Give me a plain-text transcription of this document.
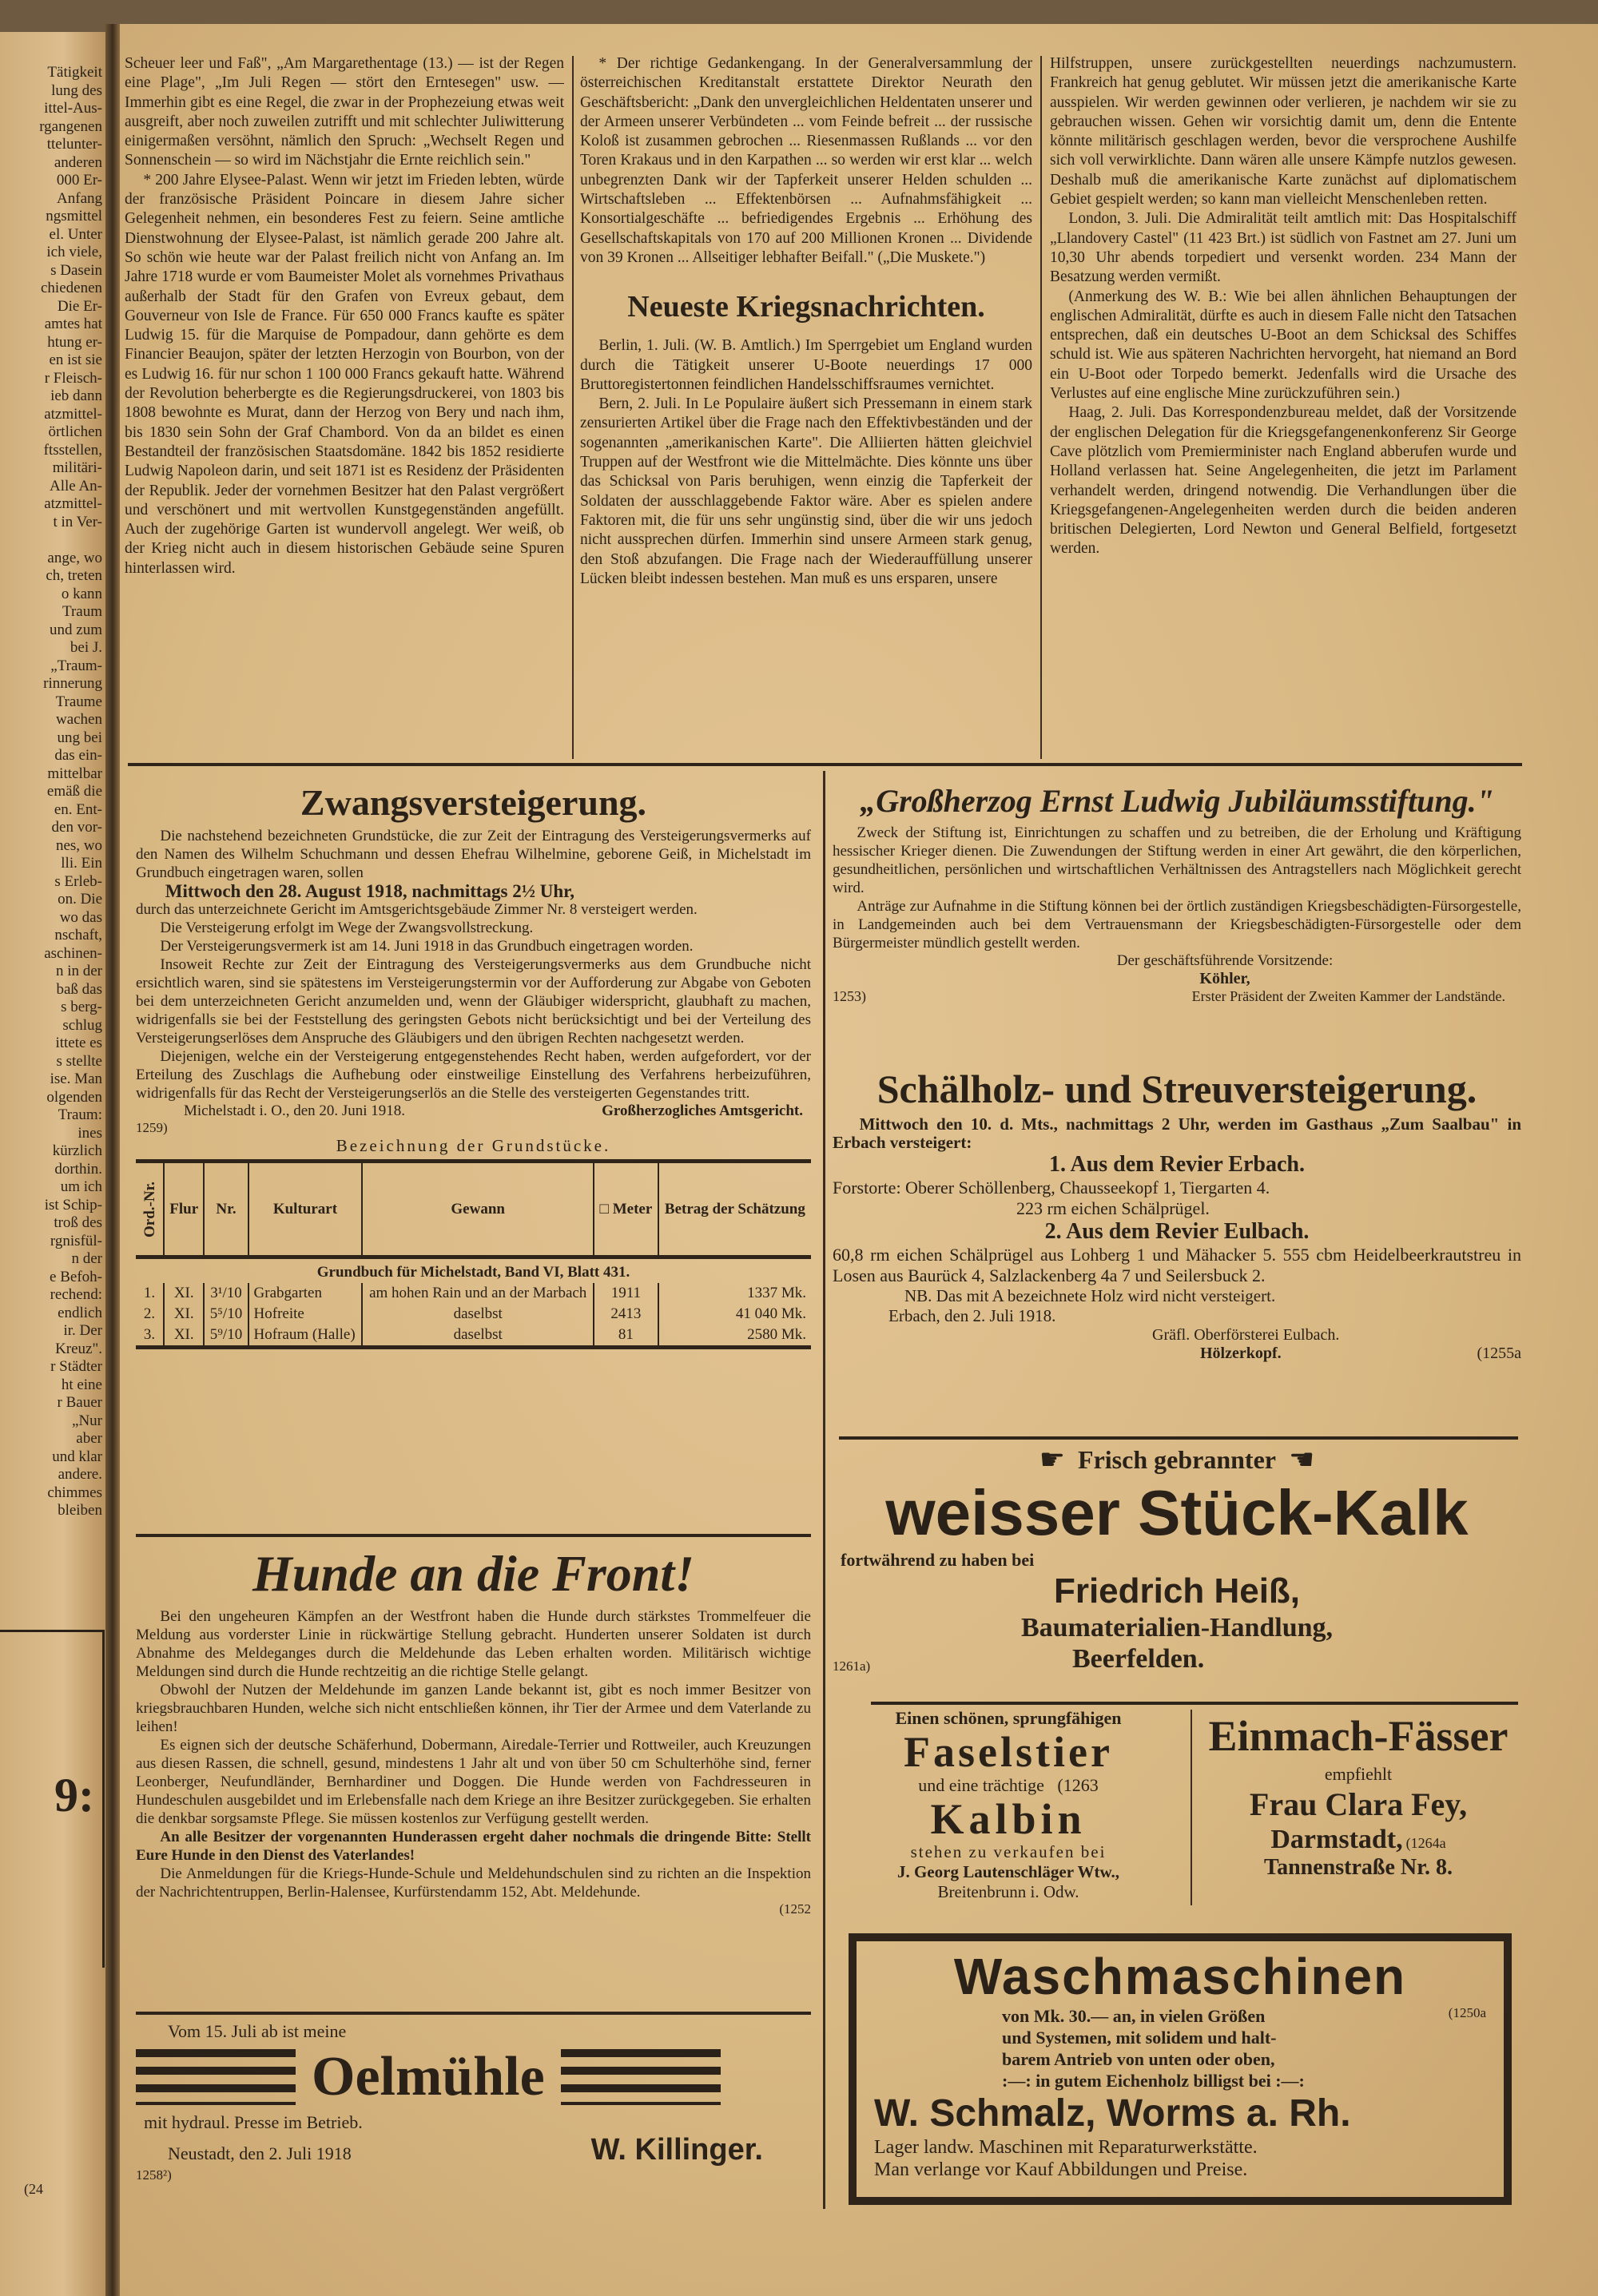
Tätigkeit
lung des
ittel-Aus-
rgangenen
ttelunter-
anderen
000 Er-
Anfang
ngsmittel
el. Unter
ich viele,
s Dasein
chiedenen
Die Er-
amtes hat
htung er-
en ist sie
r Fleisch-
ieb dann
atzmittel-
örtlichen
ftsstellen,
militäri-
Alle An-
atzmittel-
t in Ver-
ange, wo
ch, treten
o kann
Traum
und zum
bei J.
„Traum-
rinnerung
Traume
wachen
ung bei
das ein-
mittelbar
emäß die
en. Ent-
den vor-
nes, wo
lli. Ein
s Erleb-
on. Die
wo das
nschaft,
aschinen-
n in der
baß das
s berg-
schlug
ittete es
s stellte
ise. Man
olgenden
Traum:
ines
kürzlich
dorthin.
um ich
ist Schip-
troß des
rgnisfül-
n der
e Befoh-
rechend:
endlich
ir. Der
Kreuz".
r Städter
ht eine
r Bauer
„Nur
aber
und klar
andere.
chimmes
bleiben
9:
(24

Scheuer leer und Faß", „Am Margarethentage (13.) — ist der Regen eine Plage", „Im Juli Regen — stört den Erntesegen" usw. — Immerhin gibt es eine Regel, die zwar in der Prophezeiung etwas weit ausgreift, aber noch zuweilen zutrifft und mit schlechter Juliwitterung einigermaßen versöhnt, nämlich den Spruch: „Wechselt Regen und Sonnenschein — so wird im Nächstjahr die Ernte reichlich sein."

* 200 Jahre Elysee-Palast. Wenn wir jetzt im Frieden lebten, würde der französische Präsident Poincare in diesem Jahre sicher Gelegenheit nehmen, ein besonderes Fest zu feiern. Seine amtliche Dienstwohnung der Elysee-Palast, ist nämlich gerade 200 Jahre alt. So schön wie heute war der Palast freilich nicht von Anfang an. Im Jahre 1718 wurde er vom Baumeister Molet als vornehmes Privathaus außerhalb der Stadt für den Grafen von Evreux gebaut, dem Gouverneur von Isle de France. Für 650 000 Francs kaufte es später Ludwig 15. für die Marquise de Pompadour, dann gehörte es dem Financier Beaujon, später der letzten Herzogin von Bourbon, von der es Ludwig 16. für nur schon 1 100 000 Francs gekauft hatte. Während der Revolution beherbergte es die Regierungsdruckerei, von 1803 bis 1808 bewohnte es Murat, dann der Herzog von Bery und nach ihm, bis 1830 sein Sohn der Graf Chambord. Von da an bildet es einen Bestandteil der französischen Staatsdomäne. 1842 bis 1852 residierte Ludwig Napoleon darin, und seit 1871 ist es Residenz der Präsidenten der Republik. Jeder der vornehmen Besitzer hat den Palast vergrößert und verschönert und mit wertvollen Kunstgegenständen angefüllt. Auch der zugehörige Garten ist wundervoll angelegt. Wer weiß, ob der Krieg nicht auch in diesem historischen Gebäude seine Spuren hinterlassen wird.

* Der richtige Gedankengang. In der Generalversammlung der österreichischen Kreditanstalt erstattete Direktor Neurath den Geschäftsbericht: „Dank den unvergleichlichen Heldentaten unserer und der Armeen unserer Verbündeten ... vom Feinde befreit ... der russische Koloß ist zusammen gebrochen ... Riesenmassen Rußlands ... vor den Toren Krakaus und in den Karpathen ... so werden wir erst klar ... welch unbegrenzten Dank wir der Tapferkeit unserer Helden schulden ... Wirtschaftsleben ... Effektenbörsen ... Aufnahmsfähigkeit ... Konsortialgeschäfte ... befriedigendes Ergebnis ... Erhöhung des Gesellschaftskapitals von 170 auf 200 Millionen Kronen ... Dividende von 39 Kronen ... Allseitiger lebhafter Beifall." („Die Muskete.")

Neueste Kriegsnachrichten.

Berlin, 1. Juli. (W. B. Amtlich.) Im Sperrgebiet um England wurden durch die Tätigkeit unserer U-Boote neuerdings 17 000 Bruttoregistertonnen feindlichen Handelsschiffsraumes vernichtet.

Bern, 2. Juli. In Le Populaire äußert sich Pressemann in einem stark zensurierten Artikel über die Frage nach den Effektivbeständen und der sogenannten „amerikanischen Karte". Die Alliierten hätten gleichviel Truppen auf der Westfront wie die Mittelmächte. Dies könnte uns über das Schicksal von Paris beruhigen, wenn einzig die Tapferkeit der Soldaten der ausschlaggebende Faktor wäre. Aber es spielen andere Faktoren mit, die für uns sehr ungünstig sind, über die wir uns jedoch nicht aussprechen dürfen. Immerhin sind unsere Armeen stark genug, den Stoß abzufangen. Die Frage nach der Wiederauffüllung unserer Lücken bleibt indessen bestehen. Man muß es uns ersparen, unsere

Hilfstruppen, unsere zurückgestellten neuerdings nachzumustern. Frankreich hat genug geblutet. Wir müssen jetzt die amerikanische Karte ausspielen. Wir werden gewinnen oder verlieren, je nachdem wir sie zu gebrauchen wissen. Gehen wir vorsichtig damit um, denn die Entente könnte militärisch geschlagen werden, bevor die versprochene Aushilfe sich voll verwirklichte. Dann wären alle unsere Kämpfe nutzlos gewesen. Deshalb muß die amerikanische Karte zunächst auf diplomatischem Gebiet gespielt werden; so kann man vielleicht Menschenleben retten.

London, 3. Juli. Die Admiralität teilt amtlich mit: Das Hospitalschiff „Llandovery Castel" (11 423 Brt.) ist südlich von Fastnet am 27. Juni um 10,30 Uhr abends torpediert und versenkt worden. 234 Mann der Besatzung werden vermißt.

(Anmerkung des W. B.: Wie bei allen ähnlichen Behauptungen der englischen Admiralität, dürfte es auch in diesem Falle nicht den Tatsachen entsprechen, daß ein deutsches U-Boot an dem Schicksal des Schiffes schuld ist. Wie aus späteren Nachrichten hervorgeht, hat niemand an Bord ein U-Boot oder Torpedo bemerkt. Jedenfalls wird die Ursache des Verlustes auf eine englische Mine zurückzuführen sein.)

Haag, 2. Juli. Das Korrespondenzbureau meldet, daß der Vorsitzende der englischen Delegation für die Kriegsgefangenenkonferenz Sir George Cave plötzlich vom Premierminister nach England abberufen wurde und Holland verlassen hat. Seine Angelegenheiten, die jetzt im Parlament verhandelt werden, dringend notwendig. Die Verhandlungen über die Kriegsgefangenen-Angelegenheiten werden durch die beiden anderen britischen Delegierten, Lord Newton und General Belfield, fortgesetzt werden.

Zwangsversteigerung.

Die nachstehend bezeichneten Grundstücke, die zur Zeit der Eintragung des Versteigerungsvermerks auf den Namen des Wilhelm Schuchmann und dessen Ehefrau Wilhelmine, geborene Geiß, in Michelstadt im Grundbuch eingetragen waren, sollen

Mittwoch den 28. August 1918, nachmittags 2½ Uhr,

durch das unterzeichnete Gericht im Amtsgerichtsgebäude Zimmer Nr. 8 versteigert werden.

Die Versteigerung erfolgt im Wege der Zwangsvollstreckung.

Der Versteigerungsvermerk ist am 14. Juni 1918 in das Grundbuch eingetragen worden.

Insoweit Rechte zur Zeit der Eintragung des Versteigerungsvermerks aus dem Grundbuche nicht ersichtlich waren, sind sie spätestens im Versteigerungstermin vor der Aufforderung zur Abgabe von Geboten bei dem unterzeichneten Gericht anzumelden und, wenn der Gläubiger widerspricht, glaubhaft zu machen, widrigenfalls sie bei der Feststellung des geringsten Gebots nicht berücksichtigt und bei der Verteilung des Versteigerungserlöses dem Anspruche des Gläubigers und den übrigen Rechten nachgesetzt werden.

Diejenigen, welche ein der Versteigerung entgegenstehendes Recht haben, werden aufgefordert, vor der Erteilung des Zuschlags die Aufhebung oder einstweilige Einstellung des Verfahrens herbeizuführen, widrigenfalls für das Recht der Versteigerungserlös an die Stelle des versteigerten Gegenstandes tritt.

Michelstadt i. O., den 20. Juni 1918.	Großherzogliches Amtsgericht.
1259)
Bezeichnung der Grundstücke.
Ord.-Nr.	Flur	Nr.	Kulturart	Gewann	□ Meter	Betrag der Schätzung
Grundbuch für Michelstadt, Band VI, Blatt 431.						
1.	XI.	3¹/10	Grabgarten	am hohen Rain und an der Marbach	1911	1337 Mk.
2.	XI.	5⁵/10	Hofreite	daselbst	2413	41 040 Mk.
3.	XI.	5⁹/10	Hofraum (Halle)	daselbst	81	2580 Mk.
Hunde an die Front!

Bei den ungeheuren Kämpfen an der Westfront haben die Hunde durch stärkstes Trommelfeuer die Meldung aus vorderster Linie in rückwärtige Stellung gebracht. Hunderten unserer Soldaten ist durch Abnahme des Meldeganges durch die Meldehunde das Leben erhalten worden. Militärisch wichtige Meldungen sind durch die Hunde rechtzeitig an die richtige Stelle gelangt.

Obwohl der Nutzen der Meldehunde im ganzen Lande bekannt ist, gibt es noch immer Besitzer von kriegsbrauchbaren Hunden, welche sich nicht entschließen können, ihr Tier der Armee und dem Vaterlande zu leihen!

Es eignen sich der deutsche Schäferhund, Dobermann, Airedale-Terrier und Rottweiler, auch Kreuzungen aus diesen Rassen, die schnell, gesund, mindestens 1 Jahr alt und von über 50 cm Schulterhöhe sind, ferner Leonberger, Neufundländer, Bernhardiner und Doggen. Die Hunde werden von Fachdresseuren in Hundeschulen ausgebildet und im Erlebensfalle nach dem Kriege an ihre Besitzer zurückgegeben. Sie erhalten die denkbar sorgsamste Pflege. Sie müssen kostenlos zur Verfügung gestellt werden.

An alle Besitzer der vorgenannten Hunderassen ergeht daher nochmals die dringende Bitte: Stellt Eure Hunde in den Dienst des Vaterlandes!

Die Anmeldungen für die Kriegs-Hunde-Schule und Meldehundschulen sind zu richten an die Inspektion der Nachrichtentruppen, Berlin-Halensee, Kurfürstendamm 152, Abt. Meldehunde.

(1252
Vom 15. Juli ab ist meine
Oelmühle
mit hydraul. Presse im Betrieb.
Neustadt, den 2. Juli 1918	W. Killinger.
1258²)
„Großherzog Ernst Ludwig Jubiläumsstiftung."

Zweck der Stiftung ist, Einrichtungen zu schaffen und zu betreiben, die der Erholung und Kräftigung hessischer Krieger dienen. Die Zuwendungen der Stiftung werden in einer Art gewährt, die den körperlichen, gesundheitlichen, persönlichen und wirtschaftlichen Verhältnissen des Antragstellers nach Möglichkeit gerecht wird.

Anträge zur Aufnahme in die Stiftung können bei der örtlich zuständigen Kriegsbeschädigten-Fürsorgestelle, in Landgemeinden auch bei dem Vertrauensmann der Kriegsbeschädigten-Fürsorgestelle oder dem Bürgermeister mündlich gestellt werden.

Der geschäftsführende Vorsitzende:
Köhler,
1253)	Erster Präsident der Zweiten Kammer der Landstände.
Schälholz- und Streuversteigerung.

Mittwoch den 10. d. Mts., nachmittags 2 Uhr, werden im Gasthaus „Zum Saalbau" in Erbach versteigert:

1. Aus dem Revier Erbach.
Forstorte: Oberer Schöllenberg, Chausseekopf 1, Tiergarten 4.
223 rm eichen Schälprügel.
2. Aus dem Revier Eulbach.

60,8 rm eichen Schälprügel aus Lohberg 1 und Mähacker 5. 555 cbm Heidelbeerkrautstreu in Losen aus Baurück 4, Salzlackenberg 4a 7 und Seilersbuck 2.

NB. Das mit A bezeichnete Holz wird nicht versteigert.
Erbach, den 2. Juli 1918.
Gräfl. Oberförsterei Eulbach.
Hölzerkopf.	(1255a
☛ Frisch gebrannter ☚
weisser Stück-Kalk
fortwährend zu haben bei
Friedrich Heiß,
Baumaterialien-Handlung,
1261a)	Beerfelden.
Einen schönen, sprungfähigen
Faselstier
und eine trächtige (1263
Kalbin
stehen zu verkaufen bei
J. Georg Lautenschläger Wtw.,
Breitenbrunn i. Odw.
Einmach-Fässer
empfiehlt
Frau Clara Fey,
Darmstadt, (1264a
Tannenstraße Nr. 8.
Waschmaschinen
von Mk. 30.— an, in vielen Größen
und Systemen, mit solidem und halt-
barem Antrieb von unten oder oben,
:—: in gutem Eichenholz billigst bei :—:
(1250a
W. Schmalz, Worms a. Rh.
Lager landw. Maschinen mit Reparaturwerkstätte.
Man verlange vor Kauf Abbildungen und Preise.
